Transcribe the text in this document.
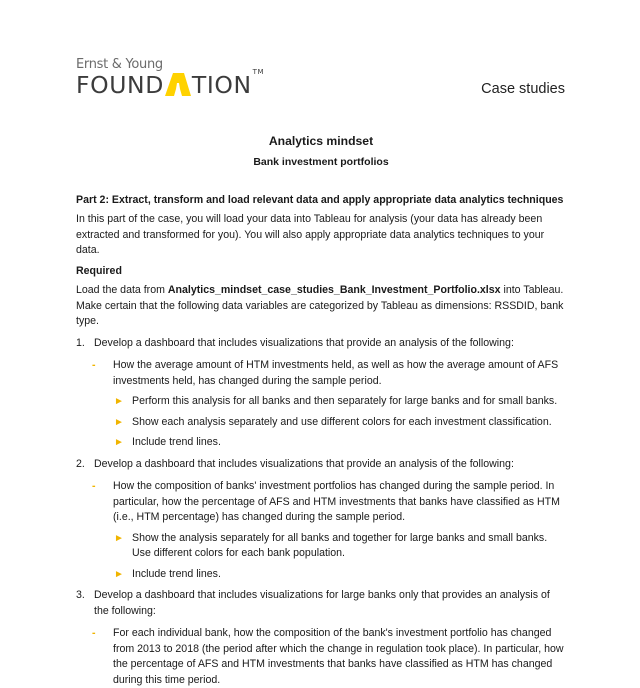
Ernst & Young
FOUND TION TM
Case studies
Analytics mindset
Bank investment portfolios
Part 2: Extract, transform and load relevant data and apply appropriate data analytics techniques

In this part of the case, you will load your data into Tableau for analysis (your data has already been extracted and transformed for you). You will also apply appropriate data analytics techniques to your data.

Required

Load the data from Analytics_mindset_case_studies_Bank_Investment_Portfolio.xlsx into Tableau. Make certain that the following data variables are categorized by Tableau as dimensions: RSSDID, bank type.

1. Develop a dashboard that includes visualizations that provide an analysis of the following:
- How the average amount of HTM investments held, as well as how the average amount of AFS investments held, has changed during the sample period.
► Perform this analysis for all banks and then separately for large banks and for small banks.
► Show each analysis separately and use different colors for each investment classification.
► Include trend lines.
2. Develop a dashboard that includes visualizations that provide an analysis of the following:
- How the composition of banks' investment portfolios has changed during the sample period. In particular, how the percentage of AFS and HTM investments that banks have classified as HTM (i.e., HTM percentage) has changed during the sample period.
► Show the analysis separately for all banks and together for large banks and small banks. Use different colors for each bank population.
► Include trend lines.
3. Develop a dashboard that includes visualizations for large banks only that provides an analysis of the following:
- For each individual bank, how the composition of the bank's investment portfolio has changed from 2013 to 2018 (the period after which the change in regulation took place). In particular, how the percentage of AFS and HTM investments that banks have classified as HTM has changed during this time period.
